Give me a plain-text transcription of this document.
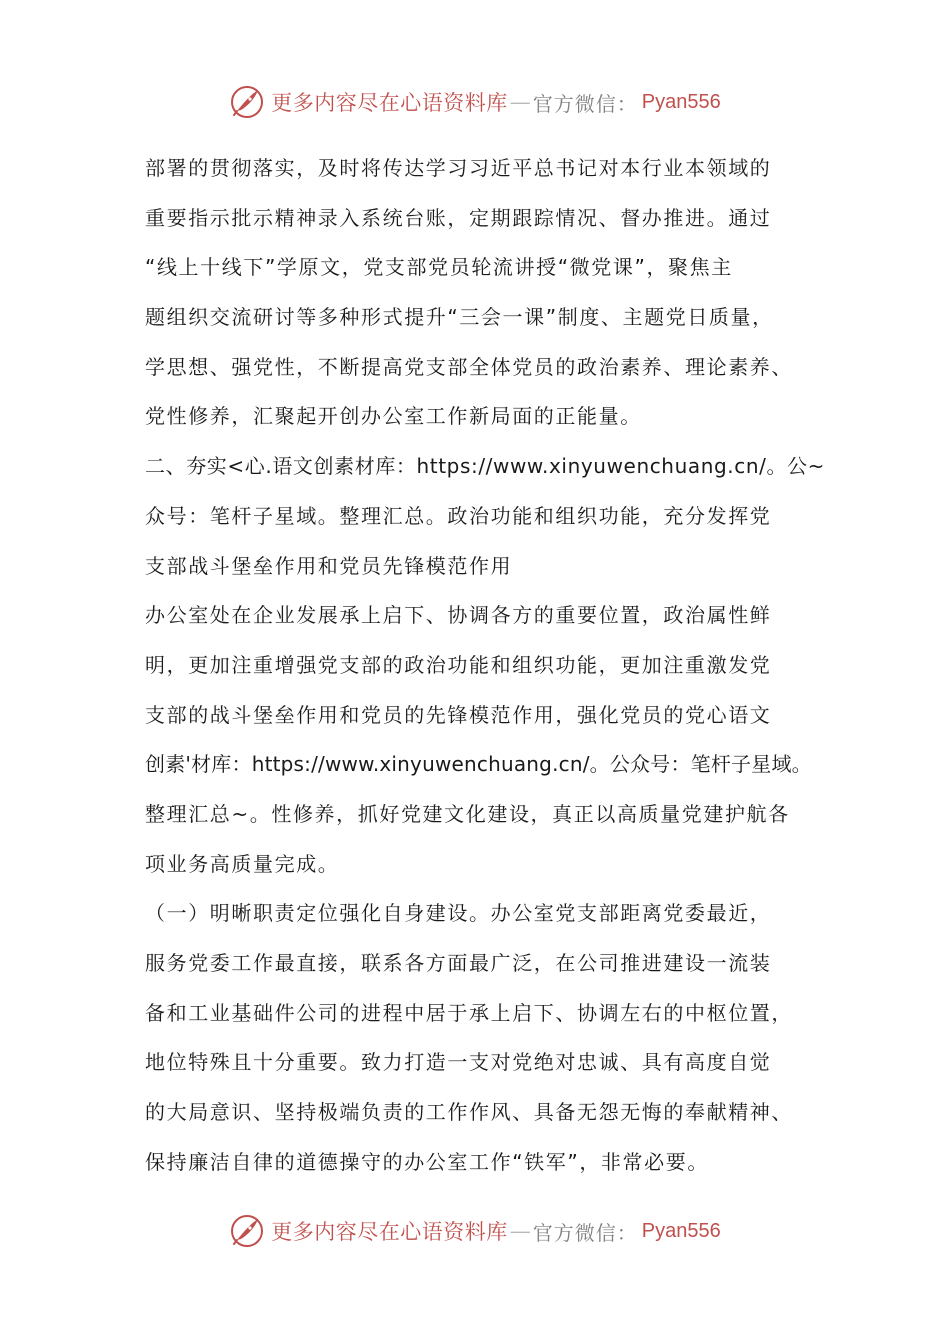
更多内容尽在心语资料库 — 官方微信： Pyan556
部署的贯彻落实，及时将传达学习习近平总书记对本行业本领域的
重要指示批示精神录入系统台账，定期跟踪情况、督办推进。通过
“线上十线下”学原文，党支部党员轮流讲授“微党课”，聚焦主
题组织交流研讨等多种形式提升“三会一课”制度、主题党日质量，
学思想、强党性，不断提高党支部全体党员的政治素养、理论素养、
党性修养，汇聚起开创办公室工作新局面的正能量。
二、夯实<心.语文创素材库：https://www.xinyuwenchuang.cn/。公~
众号：笔杆子星域。整理汇总。政治功能和组织功能，充分发挥党
支部战斗堡垒作用和党员先锋模范作用
办公室处在企业发展承上启下、协调各方的重要位置，政治属性鲜
明，更加注重增强党支部的政治功能和组织功能，更加注重激发党
支部的战斗堡垒作用和党员的先锋模范作用，强化党员的党心语文
创素'材库：https://www.xinyuwenchuang.cn/。公众号：笔杆子星域。
整理汇总~。性修养，抓好党建文化建设，真正以高质量党建护航各
项业务高质量完成。
（一）明晰职责定位强化自身建设。办公室党支部距离党委最近，
服务党委工作最直接，联系各方面最广泛，在公司推进建设一流装
备和工业基础件公司的进程中居于承上启下、协调左右的中枢位置，
地位特殊且十分重要。致力打造一支对党绝对忠诚、具有高度自觉
的大局意识、坚持极端负责的工作作风、具备无怨无悔的奉献精神、
保持廉洁自律的道德操守的办公室工作“铁军”，非常必要。
更多内容尽在心语资料库 — 官方微信： Pyan556
